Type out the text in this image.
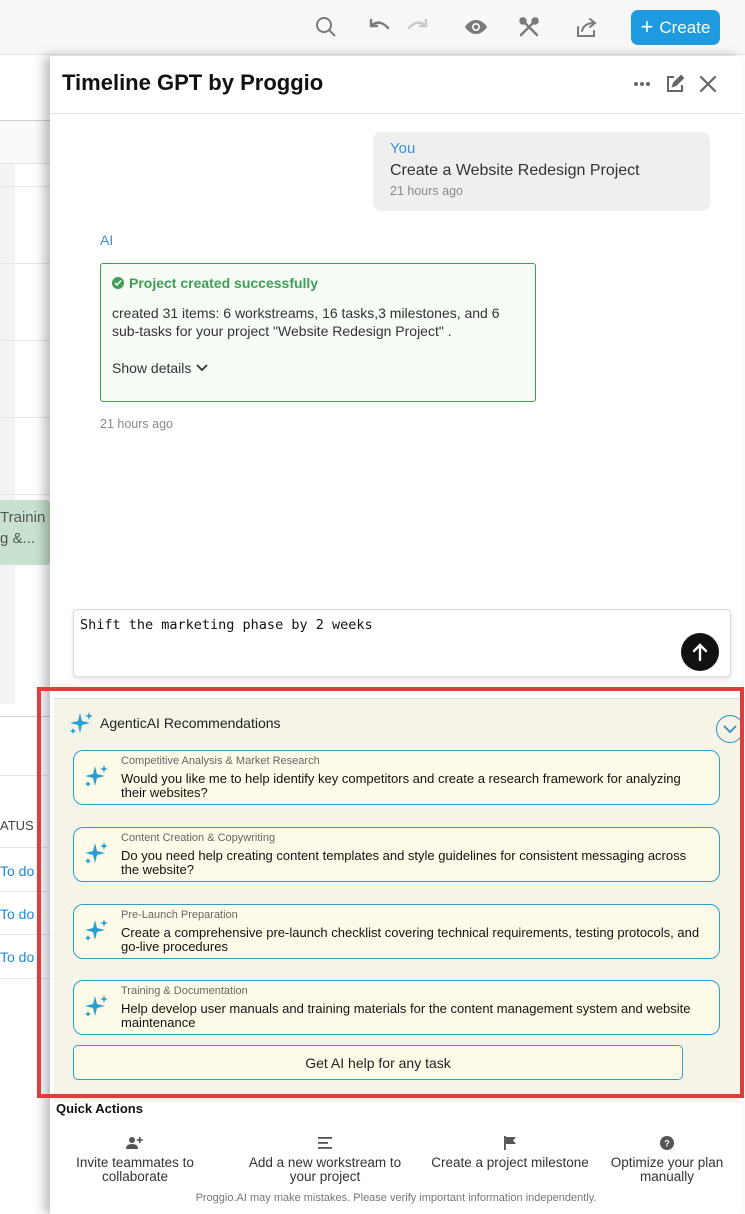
+ Create
Trainin
g &...
ATUS
To do
To do
To do
Timeline GPT by Proggio
You
Create a Website Redesign Project
21 hours ago
AI
Project created successfully
created 31 items: 6 workstreams, 16 tasks,3 milestones, and 6 sub-tasks for your project "Website Redesign Project" .
Show details
21 hours ago
Shift the marketing phase by 2 weeks
AgenticAI Recommendations
Competitive Analysis & Market Research
Would you like me to help identify key competitors and create a research framework for analyzing their websites?
Content Creation & Copywriting
Do you need help creating content templates and style guidelines for consistent messaging across the website?
Pre-Launch Preparation
Create a comprehensive pre-launch checklist covering technical requirements, testing protocols, and go-live procedures
Training & Documentation
Help develop user manuals and training materials for the content management system and website maintenance
Get AI help for any task
Quick Actions
Invite teammates to collaborate
Add a new workstream to your project
Create a project milestone
?
Optimize your plan manually
Proggio.AI may make mistakes. Please verify important information independently.
